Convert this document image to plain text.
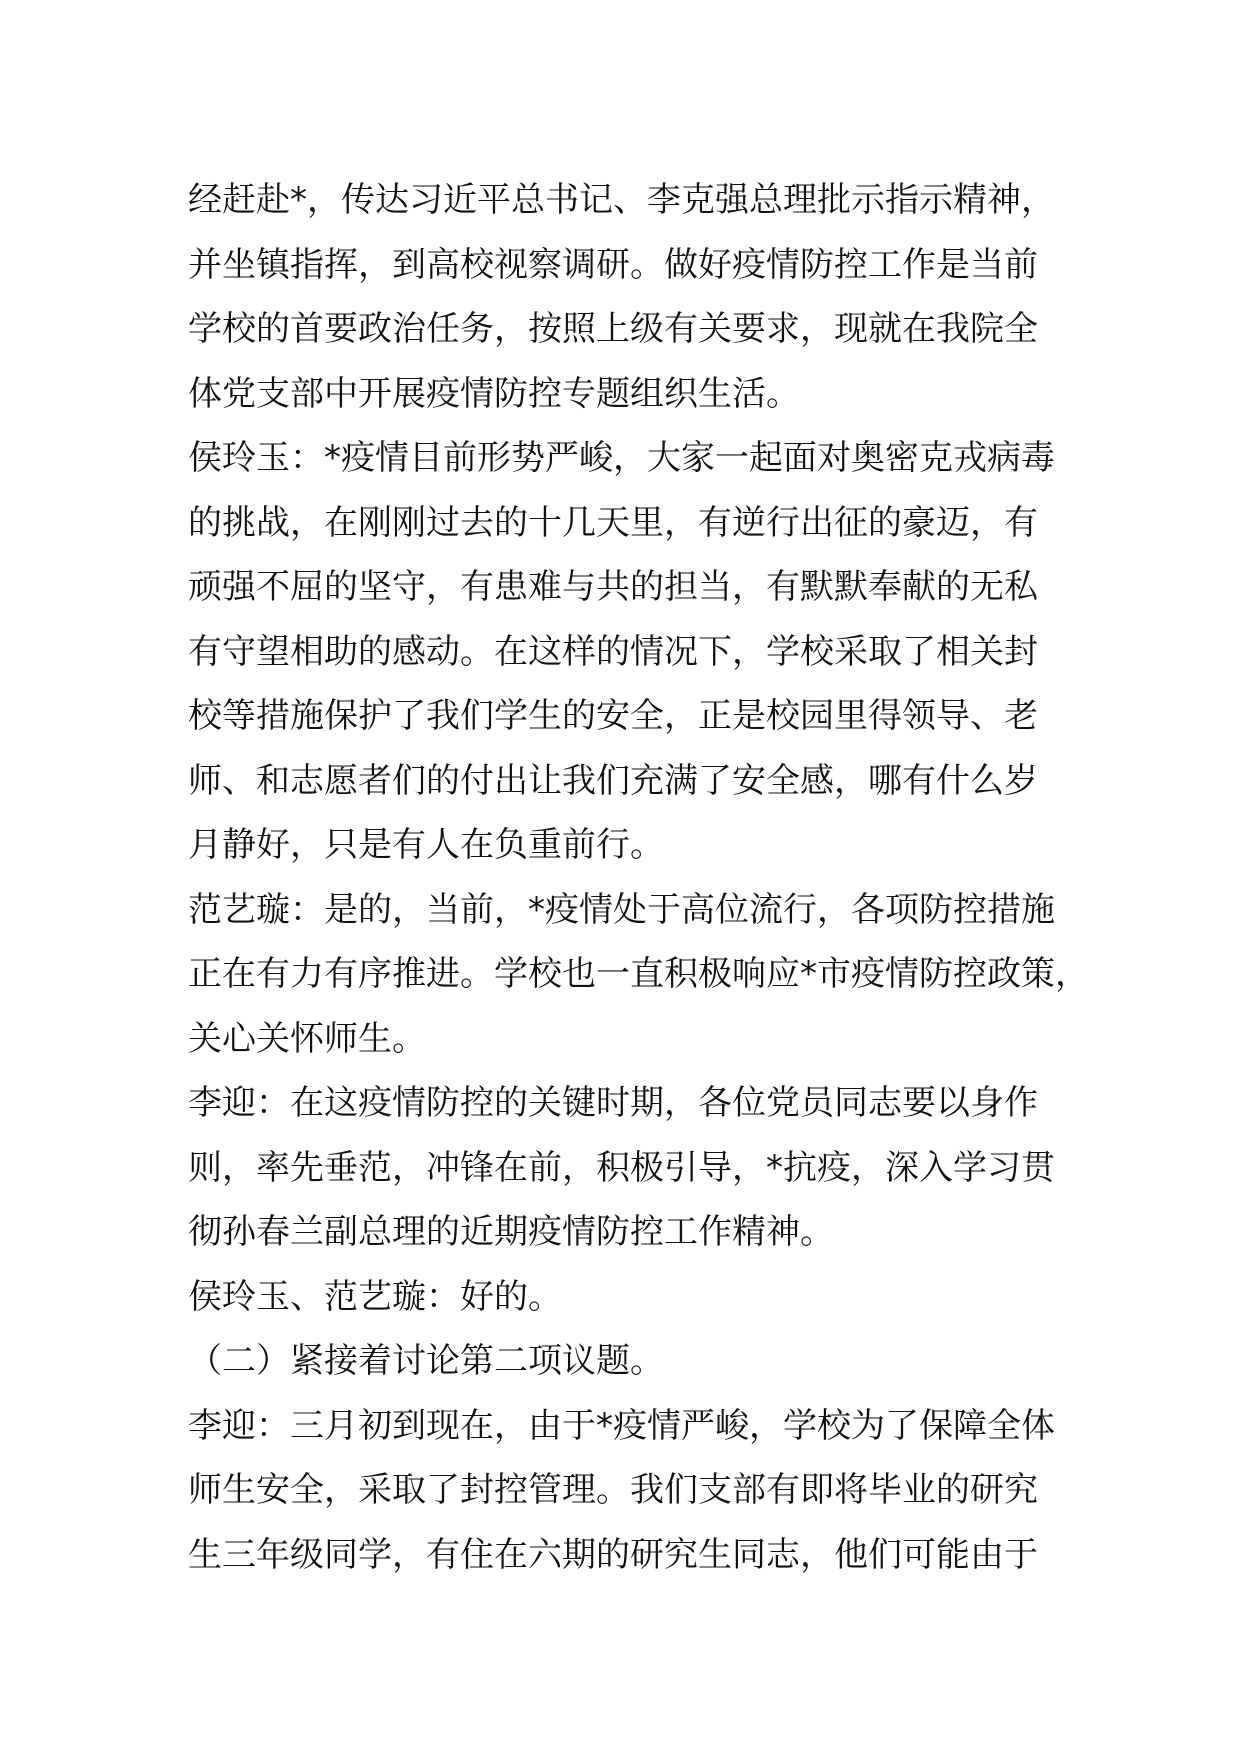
经赶赴*，传达习近平总书记、李克强总理批示指示精神，
并坐镇指挥，到高校视察调研。做好疫情防控工作是当前
学校的首要政治任务，按照上级有关要求，现就在我院全
体党支部中开展疫情防控专题组织生活。
侯玲玉：*疫情目前形势严峻，大家一起面对奥密克戎病毒
的挑战，在刚刚过去的十几天里，有逆行出征的豪迈，有
顽强不屈的坚守，有患难与共的担当，有默默奉献的无私
有守望相助的感动。在这样的情况下，学校采取了相关封
校等措施保护了我们学生的安全，正是校园里得领导、老
师、和志愿者们的付出让我们充满了安全感，哪有什么岁
月静好，只是有人在负重前行。
范艺璇：是的，当前，*疫情处于高位流行，各项防控措施
正在有力有序推进。学校也一直积极响应*市疫情防控政策，
关心关怀师生。
李迎：在这疫情防控的关键时期，各位党员同志要以身作
则，率先垂范，冲锋在前，积极引导，*抗疫，深入学习贯
彻孙春兰副总理的近期疫情防控工作精神。
侯玲玉、范艺璇：好的。
（二）紧接着讨论第二项议题。
李迎：三月初到现在，由于*疫情严峻，学校为了保障全体
师生安全，采取了封控管理。我们支部有即将毕业的研究
生三年级同学，有住在六期的研究生同志，他们可能由于
